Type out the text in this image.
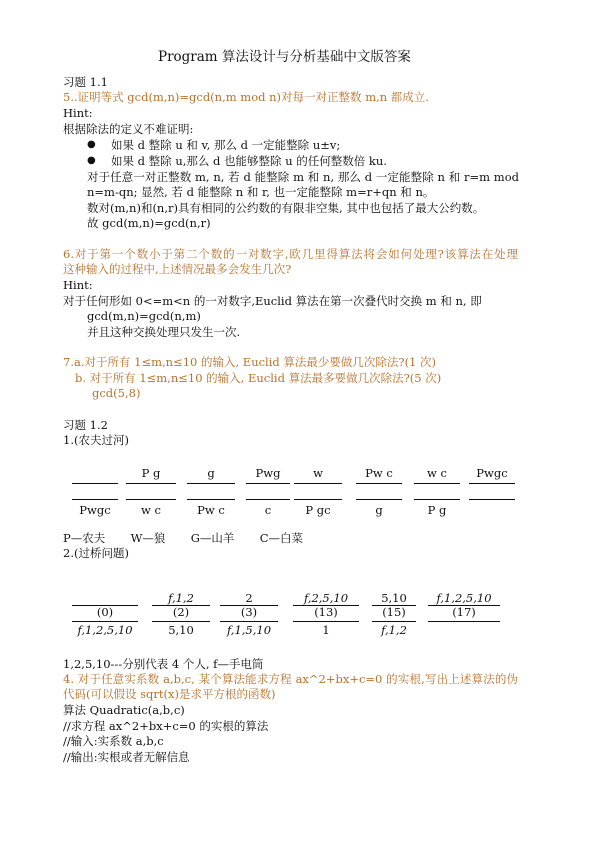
Program 算法设计与分析基础中文版答案
习题 1.1
5..证明等式 gcd(m,n)=gcd(n,m mod n)对每一对正整数 m,n 都成立.
Hint:
根据除法的定义不难证明:
● 如果 d 整除 u 和 v, 那么 d 一定能整除 u±v;
● 如果 d 整除 u,那么 d 也能够整除 u 的任何整数倍 ku.
对于任意一对正整数 m, n, 若 d 能整除 m 和 n, 那么 d 一定能整除 n 和 r=m mod
n=m-qn; 显然, 若 d 能整除 n 和 r, 也一定能整除 m=r+qn 和 n。
数对(m,n)和(n,r)具有相同的公约数的有限非空集, 其中也包括了最大公约数。
故 gcd(m,n)=gcd(n,r)
6.对于第一个数小于第二个数的一对数字,欧几里得算法将会如何处理?该算法在处理
这种输入的过程中,上述情况最多会发生几次?
Hint:
对于任何形如 0<=m<n 的一对数字,Euclid 算法在第一次叠代时交换 m 和 n, 即
gcd(m,n)=gcd(n,m)
并且这种交换处理只发生一次.
7.a.对于所有 1≤m,n≤10 的输入, Euclid 算法最少要做几次除法?(1 次)
b. 对于所有 1≤m,n≤10 的输入, Euclid 算法最多要做几次除法?(5 次)
gcd(5,8)
习题 1.2
1.(农夫过河)
Pwgc
P g
w c
g
Pw c
Pwg
c
w
P gc
Pw c
g
w c
P g
Pwgc
P—农夫 W—狼 G—山羊 C—白菜
2.(过桥问题)
(0)
f,1,2,5,10
f,1,2
(2)
5,10
2
(3)
f,1,5,10
f,2,5,10
(13)
1
5,10
(15)
f,1,2
f,1,2,5,10
(17)
1,2,5,10---分别代表 4 个人, f—手电筒
4. 对于任意实系数 a,b,c, 某个算法能求方程 ax^2+bx+c=0 的实根,写出上述算法的伪
代码(可以假设 sqrt(x)是求平方根的函数)
算法 Quadratic(a,b,c)
//求方程 ax^2+bx+c=0 的实根的算法
//输入:实系数 a,b,c
//输出:实根或者无解信息
